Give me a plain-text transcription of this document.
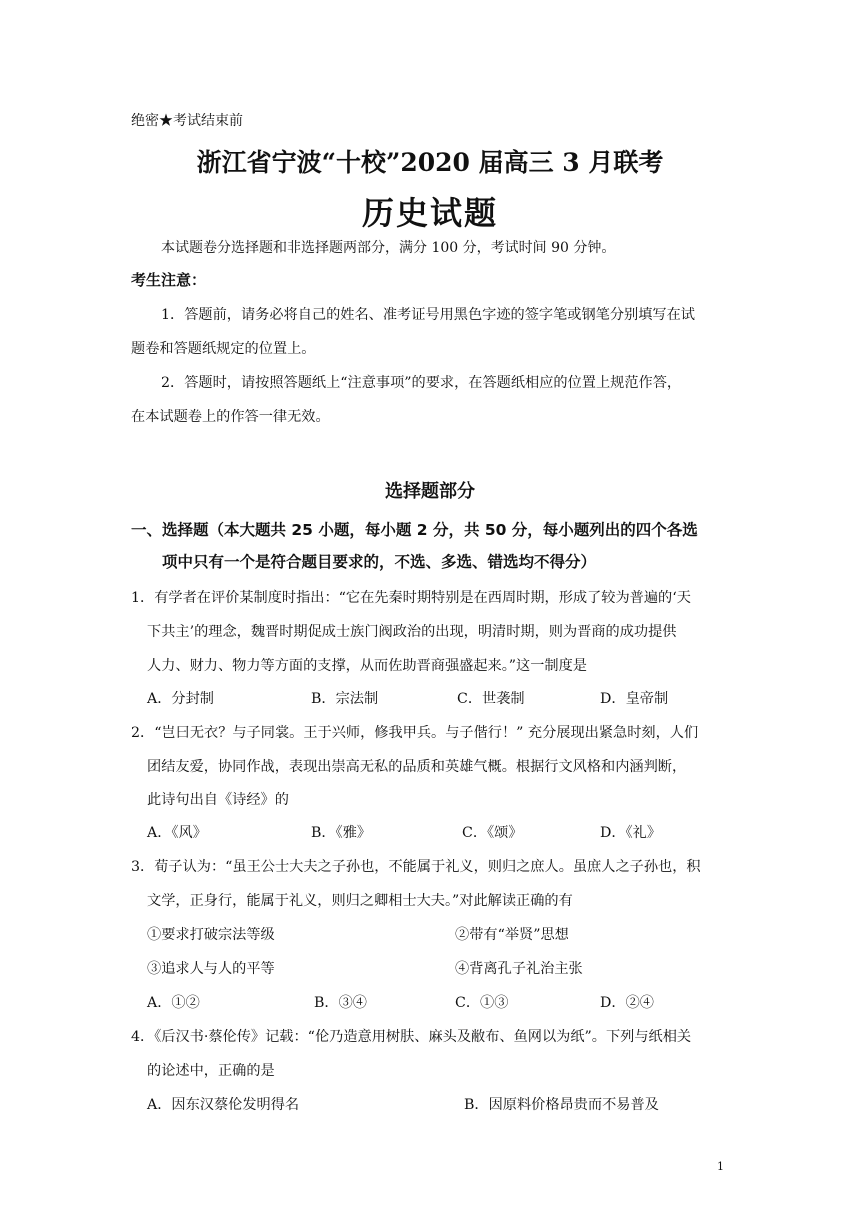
绝密★考试结束前
浙江省宁波“十校”2020 届高三 3 月联考
历史试题
本试题卷分选择题和非选择题两部分，满分 100 分，考试时间 90 分钟。
考生注意：
1．答题前，请务必将自己的姓名、准考证号用黑色字迹的签字笔或钢笔分别填写在试
题卷和答题纸规定的位置上。
2．答题时，请按照答题纸上“注意事项”的要求，在答题纸相应的位置上规范作答，
在本试题卷上的作答一律无效。
选择题部分
一、选择题（本大题共 25 小题，每小题 2 分，共 50 分，每小题列出的四个各选
项中只有一个是符合题目要求的，不选、多选、错选均不得分）
1．有学者在评价某制度时指出：“它在先秦时期特别是在西周时期，形成了较为普遍的‘天
下共主’的理念，魏晋时期促成士族门阀政治的出现，明清时期，则为晋商的成功提供
人力、财力、物力等方面的支撑，从而佐助晋商强盛起来。”这一制度是
A．分封制	B．宗法制	C．世袭制	D．皇帝制
2．“岂曰无衣？与子同裳。王于兴师，修我甲兵。与子偕行！” 充分展现出紧急时刻，人们
团结友爱，协同作战，表现出崇高无私的品质和英雄气概。根据行文风格和内涵判断，
此诗句出自《诗经》的
A．《风》	B．《雅》	C．《颂》	D．《礼》
3．荀子认为：“虽王公士大夫之子孙也，不能属于礼义，则归之庶人。虽庶人之子孙也，积
文学，正身行，能属于礼义，则归之卿相士大夫。”对此解读正确的有
①要求打破宗法等级	②带有“举贤”思想
③追求人与人的平等	④背离孔子礼治主张
A．①②	B．③④	C．①③	D．②④
4．《后汉书·蔡伦传》记载：“伦乃造意用树肤、麻头及敝布、鱼网以为纸”。下列与纸相关
的论述中，正确的是
A．因东汉蔡伦发明得名	B．因原料价格昂贵而不易普及
1
